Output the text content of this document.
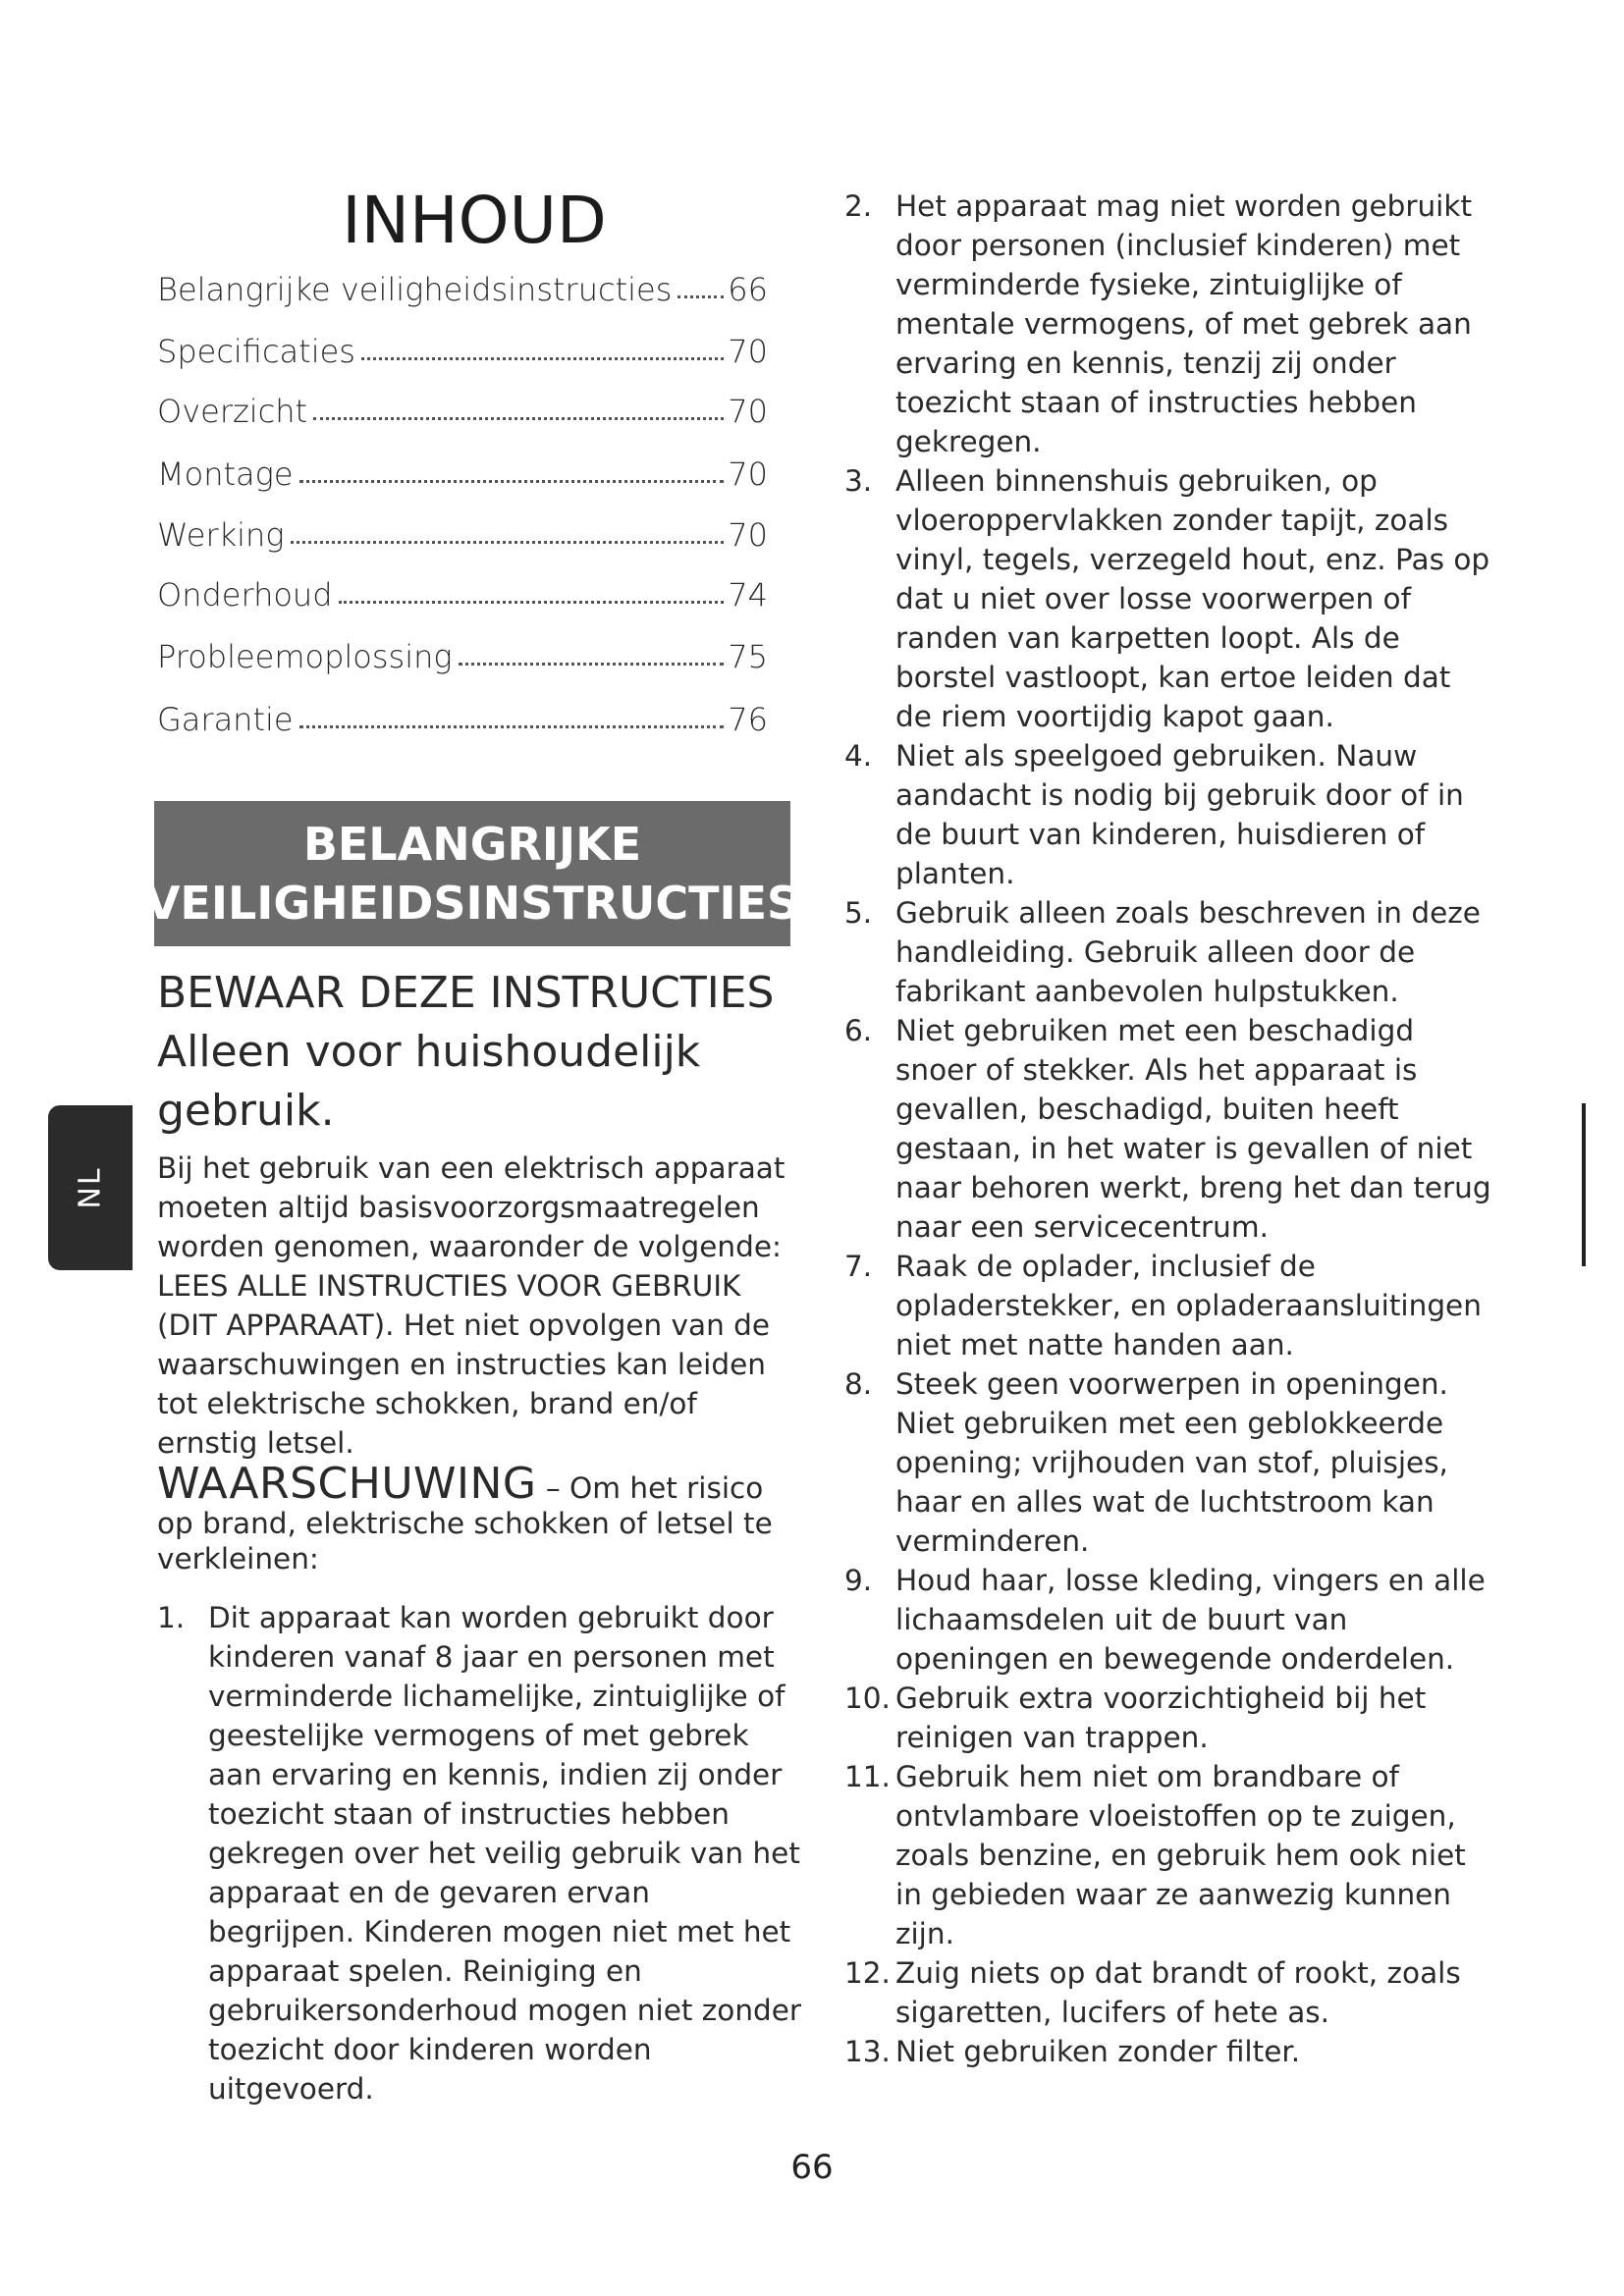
INHOUD
Belangrijke veiligheidsinstructies 66
Specificaties	70
Overzicht	70
Montage	70
Werking	70
Onderhoud	74
Probleemoplossing	75
Garantie	76
BELANGRIJKE
VEILIGHEIDSINSTRUCTIES
BEWAAR DEZE INSTRUCTIES
Alleen voor huishoudelijk gebruik.

Bij het gebruik van een elektrisch apparaat moeten altijd basisvoorzorgsmaatregelen worden genomen, waaronder de volgende: LEES ALLE INSTRUCTIES VOOR GEBRUIK (DIT APPARAAT). Het niet opvolgen van de waarschuwingen en instructies kan leiden tot elektrische schokken, brand en/of ernstig letsel.

WAARSCHUWING – Om het risico op brand, elektrische schokken of letsel te verkleinen:
1. Dit apparaat kan worden gebruikt door kinderen vanaf 8 jaar en personen met verminderde lichamelijke, zintuiglijke of geestelijke vermogens of met gebrek aan ervaring en kennis, indien zij onder toezicht staan of instructies hebben gekregen over het veilig gebruik van het apparaat en de gevaren ervan begrijpen. Kinderen mogen niet met het apparaat spelen. Reiniging en gebruikersonderhoud mogen niet zonder toezicht door kinderen worden uitgevoerd.
2. Het apparaat mag niet worden gebruikt door personen (inclusief kinderen) met verminderde fysieke, zintuiglijke of mentale vermogens, of met gebrek aan ervaring en kennis, tenzij zij onder toezicht staan of instructies hebben gekregen.
3. Alleen binnenshuis gebruiken, op vloeroppervlakken zonder tapijt, zoals vinyl, tegels, verzegeld hout, enz. Pas op dat u niet over losse voorwerpen of randen van karpetten loopt. Als de borstel vastloopt, kan ertoe leiden dat de riem voortijdig kapot gaan.
4. Niet als speelgoed gebruiken. Nauw aandacht is nodig bij gebruik door of in de buurt van kinderen, huisdieren of planten.
5. Gebruik alleen zoals beschreven in deze handleiding. Gebruik alleen door de fabrikant aanbevolen hulpstukken.
6. Niet gebruiken met een beschadigd snoer of stekker. Als het apparaat is gevallen, beschadigd, buiten heeft gestaan, in het water is gevallen of niet naar behoren werkt, breng het dan terug naar een servicecentrum.
7. Raak de oplader, inclusief de opladerstekker, en opladeraansluitingen niet met natte handen aan.
8. Steek geen voorwerpen in openingen. Niet gebruiken met een geblokkeerde opening; vrijhouden van stof, pluisjes, haar en alles wat de luchtstroom kan verminderen.
9. Houd haar, losse kleding, vingers en alle lichaamsdelen uit de buurt van openingen en bewegende onderdelen.
10. Gebruik extra voorzichtigheid bij het reinigen van trappen.
11. Gebruik hem niet om brandbare of ontvlambare vloeistoffen op te zuigen, zoals benzine, en gebruik hem ook niet in gebieden waar ze aanwezig kunnen zijn.
12. Zuig niets op dat brandt of rookt, zoals sigaretten, lucifers of hete as.
13. Niet gebruiken zonder filter.
NL
66
